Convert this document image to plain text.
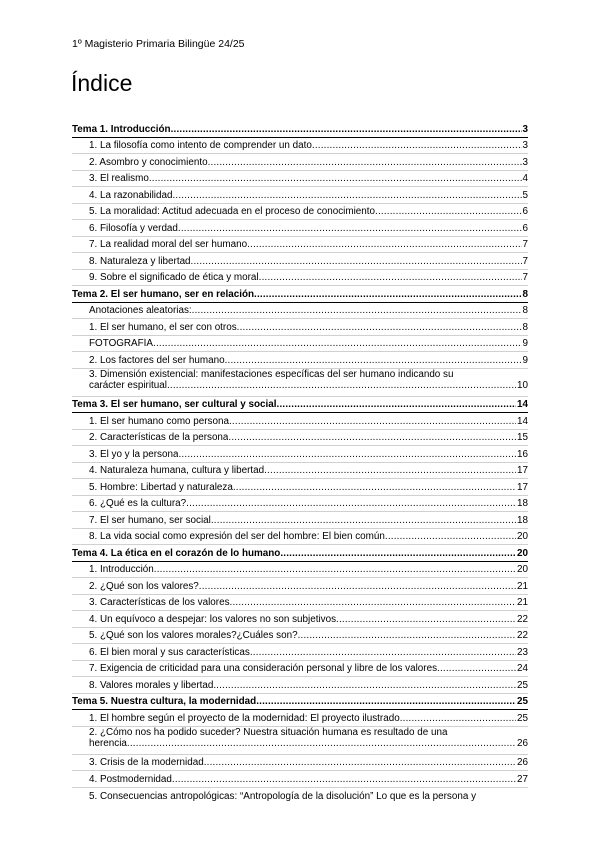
1º Magisterio Primaria Bilingüe 24/25
Índice
Tema 1. Introducción .....	3
1. La filosofía como intento de comprender un dato .....	3
2. Asombro y conocimiento .....	3
3. El realismo .....	4
4. La razonabilidad .....	5
5. La moralidad: Actitud adecuada en el proceso de conocimiento .....	6
6. Filosofía y verdad .....	6
7. La realidad moral del ser humano .....	7
8. Naturaleza y libertad .....	7
9. Sobre el significado de ética y moral .....	7
Tema 2. El ser humano, ser en relación .....	8
Anotaciones aleatorias: .....	8
1. El ser humano, el ser con otros .....	8
FOTOGRAFÍA .....	9
2. Los factores del ser humano .....	9
3. Dimensión existencial: manifestaciones específicas del ser humano indicando su
carácter espiritual .....	10
Tema 3. El ser humano, ser cultural y social .....	14
1. El ser humano como persona .....	14
2. Características de la persona .....	15
3. El yo y la persona .....	16
4. Naturaleza humana, cultura y libertad .....	17
5. Hombre: Libertad y naturaleza .....	17
6. ¿Qué es la cultura? .....	18
7. El ser humano, ser social .....	18
8. La vida social como expresión del ser del hombre: El bien común .....	20
Tema 4. La ética en el corazón de lo humano .....	20
1. Introducción .....	20
2. ¿Qué son los valores? .....	21
3. Características de los valores .....	21
4. Un equívoco a despejar: los valores no son subjetivos .....	22
5. ¿Qué son los valores morales?¿Cuáles son? .....	22
6. El bien moral y sus características .....	23
7. Exigencia de criticidad para una consideración personal y libre de los valores .....	24
8. Valores morales y libertad. .....	25
Tema 5. Nuestra cultura, la modernidad .....	25
1. El hombre según el proyecto de la modernidad: El proyecto ilustrado .....	25
2. ¿Cómo nos ha podido suceder? Nuestra situación humana es resultado de una
herencia .....	26
3. Crisis de la modernidad .....	26
4. Postmodernidad .....	27
5. Consecuencias antropológicas: “Antropología de la disolución” Lo que es la persona y
